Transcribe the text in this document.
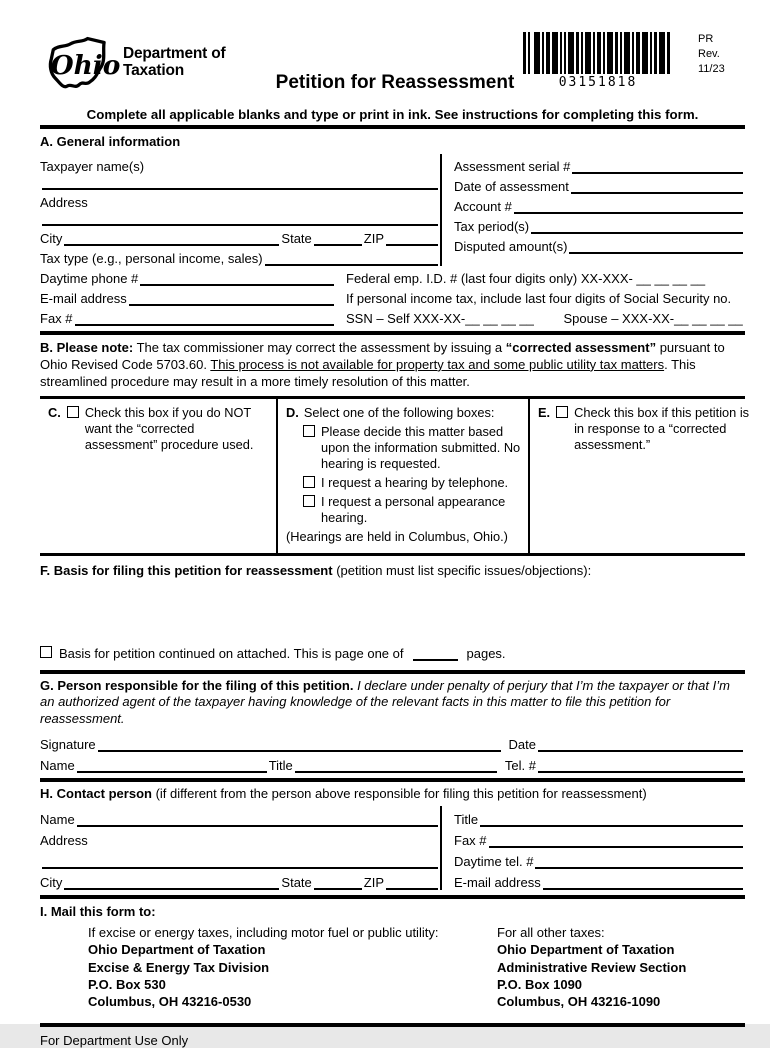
Ohio Department of
Taxation
Petition for Reassessment	03151818
PR
Rev. 11/23
Complete all applicable blanks and type or print in ink. See instructions for completing this form.
A. General information
Taxpayer name(s)
Address
City	State	ZIP
Tax type (e.g., personal income, sales)
Assessment serial #
Date of assessment
Account #
Tax period(s)
Disputed amount(s)
Daytime phone #	Federal emp. I.D. # (last four digits only) XX-XXX- __ __ __ __
E-mail address	If personal income tax, include last four digits of Social Security no.
Fax #	SSN – Self XXX-XX-__ __ __ __ Spouse – XXX-XX-__ __ __ __
B. Please note: The tax commissioner may correct the assessment by issuing a “corrected assessment” pursuant to Ohio Revised Code 5703.60. This process is not available for property tax and some public utility tax matters. This streamlined procedure may result in a more timely resolution of this matter.
C. Check this box if you do NOT want the “corrected assessment” procedure used.
D. Select one of the following boxes:
Please decide this matter based upon the information submitted. No hearing is requested.
I request a hearing by telephone.
I request a personal appearance hearing.
(Hearings are held in Columbus, Ohio.)
E. Check this box if this petition is in response to a “corrected assessment.”
F. Basis for filing this petition for reassessment (petition must list specific issues/objections):
Basis for petition continued on attached. This is page one of	pages.
G. Person responsible for the filing of this petition. I declare under penalty of perjury that I’m the taxpayer or that I’m an authorized agent of the taxpayer having knowledge of the relevant facts in this matter to file this petition for reassessment.
Signature	Date
Name	Title	Tel. #
H. Contact person (if different from the person above responsible for filing this petition for reassessment)
Name
Address
City	State	ZIP
Title
Fax #
Daytime tel. #
E-mail address
I. Mail this form to:
If excise or energy taxes, including motor fuel or public utility:
Ohio Department of Taxation
Excise & Energy Tax Division
P.O. Box 530
Columbus, OH 43216-0530
For all other taxes:
Ohio Department of Taxation
Administrative Review Section
P.O. Box 1090
Columbus, OH 43216-1090
For Department Use Only
